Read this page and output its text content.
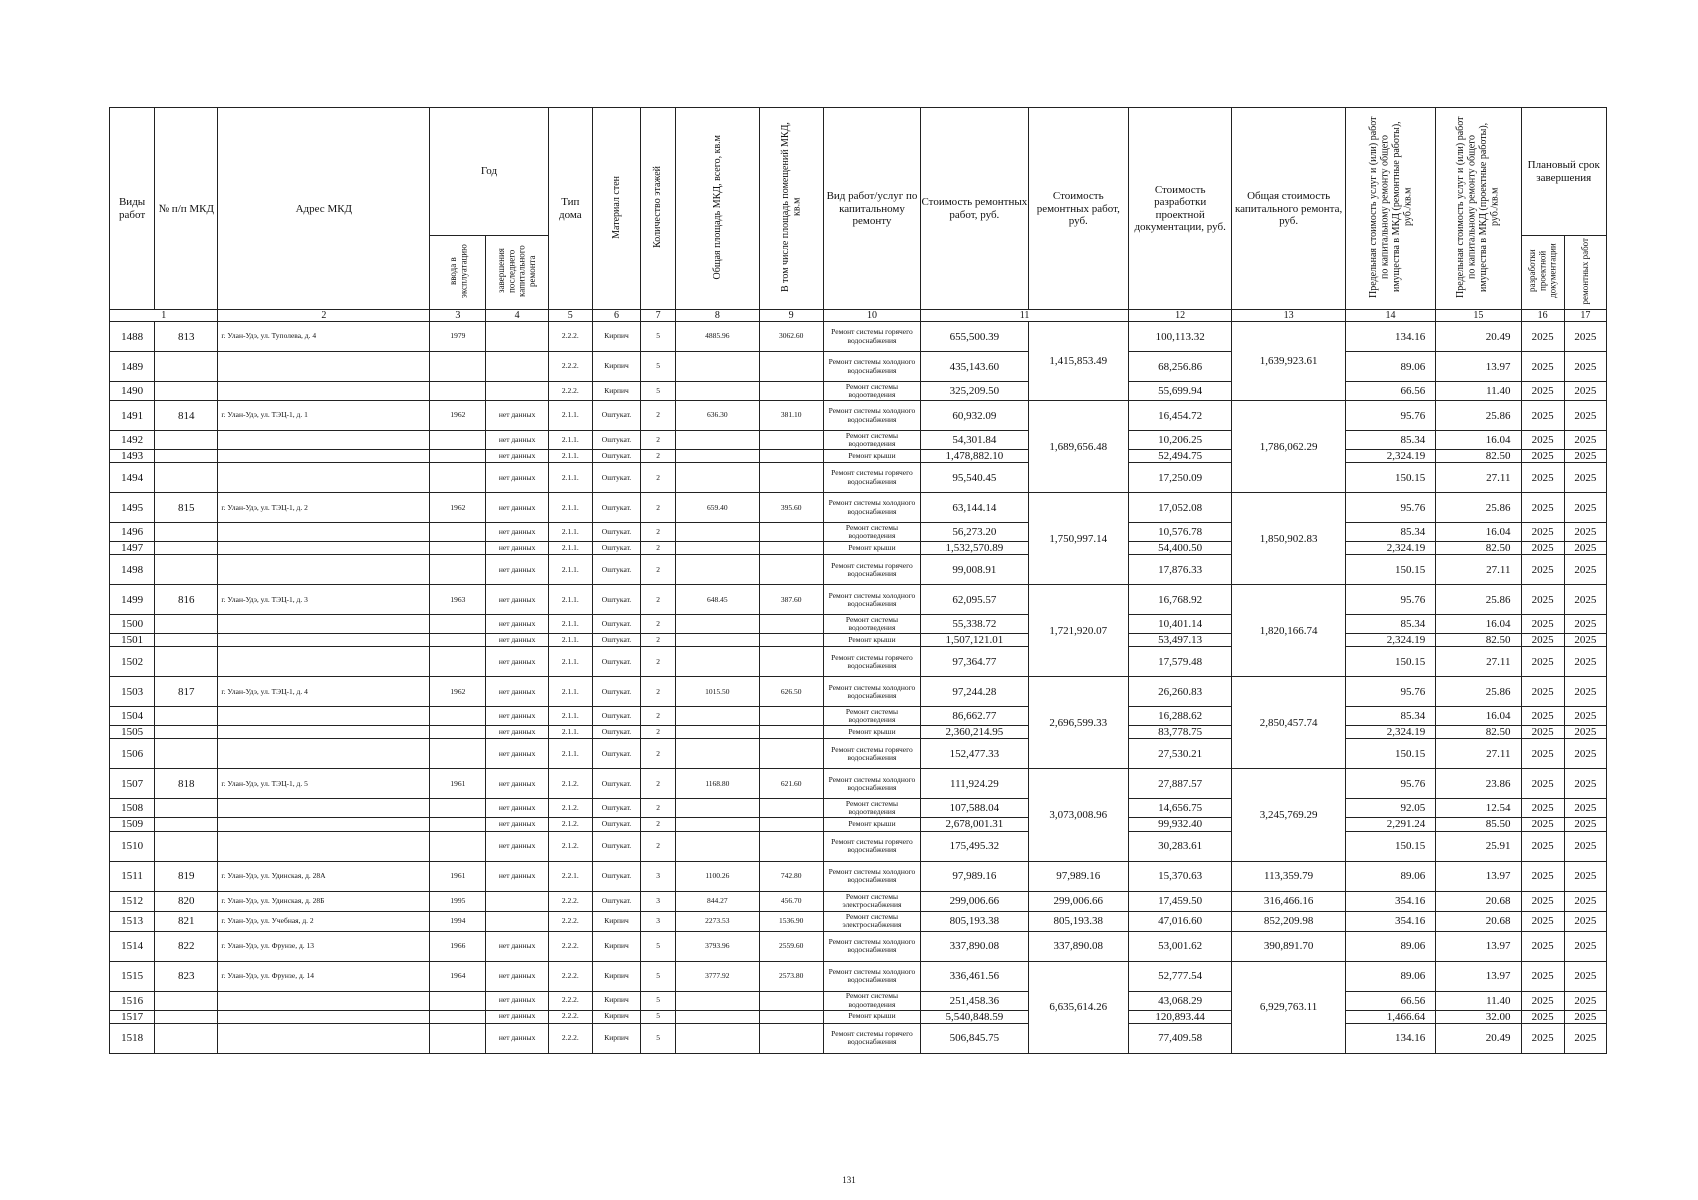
Виды работ	№ п/п МКД	Адрес МКД	Год		Тип дома	Материал стен	Количество этажей	Общая площадь МКД, всего, кв.м	В том числе площадь помещений МКД, кв.м	Вид работ/услуг по капитальному ремонту	Стоимость ремонтных работ, руб.	Стоимость ремонтных работ, руб.	Стоимость разработки проектной документации, руб.	Общая стоимость капитального ремонта, руб.	Предельная стоимость услуг и (или) работ по капитальному ремонту общего имущества в МКД (ремонтные работы), руб./кв.м	Предельная стоимость услуг и (или) работ по капитальному ремонту общего имущества в МКД (проектные работы), руб./кв.м	Плановый срок завершения	
			ввода в эксплуатацию	завершения последнего капитального ремонта													разработки проектной документации	ремонтных работ
1		2	3	4	5	6	7	8	9	10	11		12	13	14	15	16	17
1488	813	г. Улан-Удэ, ул. Туполева, д. 4	1979		2.2.2.	Кирпич	5	4885.96	3062.60	Ремонт системы горячего водоснабжения	655,500.39	1,415,853.49	100,113.32	1,639,923.61	134.16	20.49	2025	2025
1489					2.2.2.	Кирпич	5			Ремонт системы холодного водоснабжения	435,143.60		68,256.86		89.06	13.97	2025	2025
1490					2.2.2.	Кирпич	5			Ремонт системы водоотведения	325,209.50		55,699.94		66.56	11.40	2025	2025
1491	814	г. Улан-Удэ, ул. ТЭЦ-1, д. 1	1962	нет данных	2.1.1.	Оштукат.	2	636.30	381.10	Ремонт системы холодного водоснабжения	60,932.09	1,689,656.48	16,454.72	1,786,062.29	95.76	25.86	2025	2025
1492				нет данных	2.1.1.	Оштукат.	2			Ремонт системы водоотведения	54,301.84		10,206.25		85.34	16.04	2025	2025
1493				нет данных	2.1.1.	Оштукат.	2			Ремонт крыши	1,478,882.10		52,494.75		2,324.19	82.50	2025	2025
1494				нет данных	2.1.1.	Оштукат.	2			Ремонт системы горячего водоснабжения	95,540.45		17,250.09		150.15	27.11	2025	2025
1495	815	г. Улан-Удэ, ул. ТЭЦ-1, д. 2	1962	нет данных	2.1.1.	Оштукат.	2	659.40	395.60	Ремонт системы холодного водоснабжения	63,144.14	1,750,997.14	17,052.08	1,850,902.83	95.76	25.86	2025	2025
1496				нет данных	2.1.1.	Оштукат.	2			Ремонт системы водоотведения	56,273.20		10,576.78		85.34	16.04	2025	2025
1497				нет данных	2.1.1.	Оштукат.	2			Ремонт крыши	1,532,570.89		54,400.50		2,324.19	82.50	2025	2025
1498				нет данных	2.1.1.	Оштукат.	2			Ремонт системы горячего водоснабжения	99,008.91		17,876.33		150.15	27.11	2025	2025
1499	816	г. Улан-Удэ, ул. ТЭЦ-1, д. 3	1963	нет данных	2.1.1.	Оштукат.	2	648.45	387.60	Ремонт системы холодного водоснабжения	62,095.57	1,721,920.07	16,768.92	1,820,166.74	95.76	25.86	2025	2025
1500				нет данных	2.1.1.	Оштукат.	2			Ремонт системы водоотведения	55,338.72		10,401.14		85.34	16.04	2025	2025
1501				нет данных	2.1.1.	Оштукат.	2			Ремонт крыши	1,507,121.01		53,497.13		2,324.19	82.50	2025	2025
1502				нет данных	2.1.1.	Оштукат.	2			Ремонт системы горячего водоснабжения	97,364.77		17,579.48		150.15	27.11	2025	2025
1503	817	г. Улан-Удэ, ул. ТЭЦ-1, д. 4	1962	нет данных	2.1.1.	Оштукат.	2	1015.50	626.50	Ремонт системы холодного водоснабжения	97,244.28	2,696,599.33	26,260.83	2,850,457.74	95.76	25.86	2025	2025
1504				нет данных	2.1.1.	Оштукат.	2			Ремонт системы водоотведения	86,662.77		16,288.62		85.34	16.04	2025	2025
1505				нет данных	2.1.1.	Оштукат.	2			Ремонт крыши	2,360,214.95		83,778.75		2,324.19	82.50	2025	2025
1506				нет данных	2.1.1.	Оштукат.	2			Ремонт системы горячего водоснабжения	152,477.33		27,530.21		150.15	27.11	2025	2025
1507	818	г. Улан-Удэ, ул. ТЭЦ-1, д. 5	1961	нет данных	2.1.2.	Оштукат.	2	1168.80	621.60	Ремонт системы холодного водоснабжения	111,924.29	3,073,008.96	27,887.57	3,245,769.29	95.76	23.86	2025	2025
1508				нет данных	2.1.2.	Оштукат.	2			Ремонт системы водоотведения	107,588.04		14,656.75		92.05	12.54	2025	2025
1509				нет данных	2.1.2.	Оштукат.	2			Ремонт крыши	2,678,001.31		99,932.40		2,291.24	85.50	2025	2025
1510				нет данных	2.1.2.	Оштукат.	2			Ремонт системы горячего водоснабжения	175,495.32		30,283.61		150.15	25.91	2025	2025
1511	819	г. Улан-Удэ, ул. Удинская, д. 28А	1961	нет данных	2.2.1.	Оштукат.	3	1100.26	742.80	Ремонт системы холодного водоснабжения	97,989.16	97,989.16	15,370.63	113,359.79	89.06	13.97	2025	2025
1512	820	г. Улан-Удэ, ул. Удинская, д. 28Б	1995		2.2.2.	Оштукат.	3	844.27	456.70	Ремонт системы электроснабжения	299,006.66	299,006.66	17,459.50	316,466.16	354.16	20.68	2025	2025
1513	821	г. Улан-Удэ, ул. Учебная, д. 2	1994		2.2.2.	Кирпич	3	2273.53	1536.90	Ремонт системы электроснабжения	805,193.38	805,193.38	47,016.60	852,209.98	354.16	20.68	2025	2025
1514	822	г. Улан-Удэ, ул. Фрунзе, д. 13	1966	нет данных	2.2.2.	Кирпич	5	3793.96	2559.60	Ремонт системы холодного водоснабжения	337,890.08	337,890.08	53,001.62	390,891.70	89.06	13.97	2025	2025
1515	823	г. Улан-Удэ, ул. Фрунзе, д. 14	1964	нет данных	2.2.2.	Кирпич	5	3777.92	2573.80	Ремонт системы холодного водоснабжения	336,461.56	6,635,614.26	52,777.54	6,929,763.11	89.06	13.97	2025	2025
1516				нет данных	2.2.2.	Кирпич	5			Ремонт системы водоотведения	251,458.36		43,068.29		66.56	11.40	2025	2025
1517				нет данных	2.2.2.	Кирпич	5			Ремонт крыши	5,540,848.59		120,893.44		1,466.64	32.00	2025	2025
1518				нет данных	2.2.2.	Кирпич	5			Ремонт системы горячего водоснабжения	506,845.75		77,409.58		134.16	20.49	2025	2025
131
